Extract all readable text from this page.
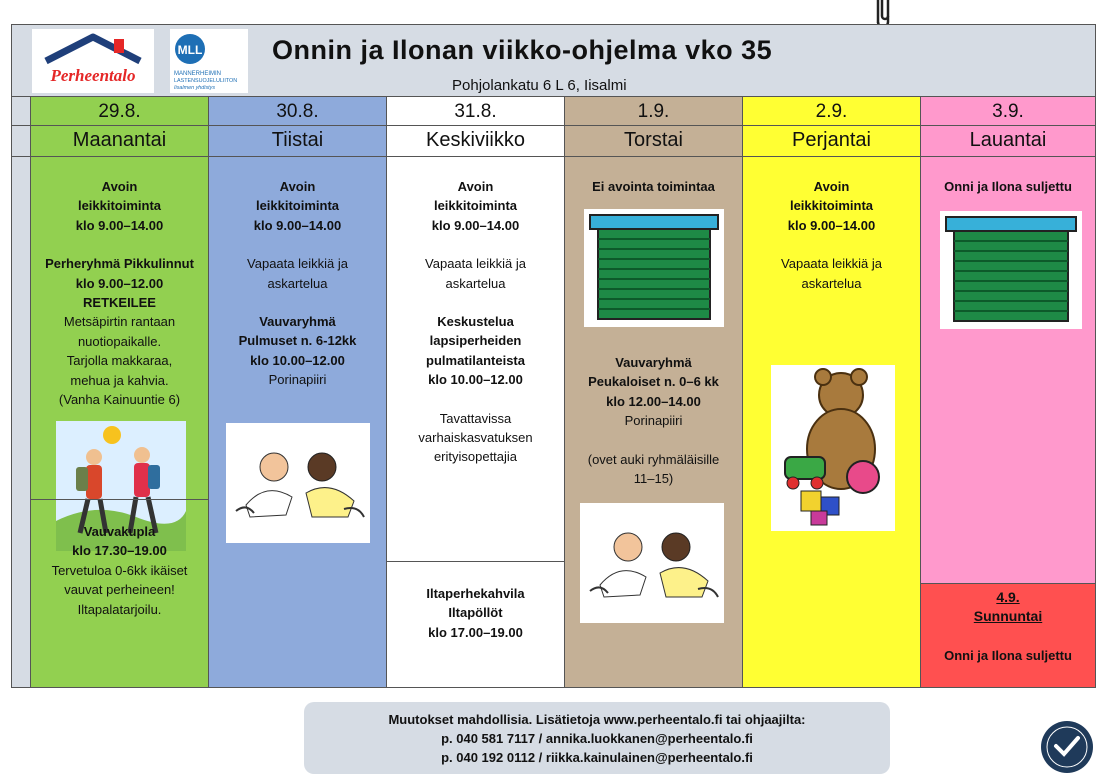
Perheentalo
MLL
MANNERHEIMIN
LASTENSUOJELULIITON
Iisalmen yhdistys
Onnin ja Ilonan viikko-ohjelma vko 35
Pohjolankatu 6 L 6, Iisalmi
29.8.
Maanantai

Avoin

leikkitoiminta

klo 9.00–14.00

Perheryhmä Pikkulinnut

klo 9.00–12.00

RETKEILEE

Metsäpirtin rantaan

nuotiopaikalle.

Tarjolla makkaraa,

mehua ja kahvia.

(Vanha Kainuuntie 6)

Vauvakupla

klo 17.30–19.00

Tervetuloa 0-6kk ikäiset

vauvat perheineen!

Iltapalatarjoilu.

30.8.
Tiistai

Avoin

leikkitoiminta

klo 9.00–14.00

Vapaata leikkiä ja

askartelua

Vauvaryhmä

Pulmuset n. 6-12kk

klo 10.00–12.00

Porinapiiri

31.8.
Keskiviikko

Avoin

leikkitoiminta

klo 9.00–14.00

Vapaata leikkiä ja

askartelua

Keskustelua

lapsiperheiden

pulmatilanteista

klo 10.00–12.00

Tavattavissa

varhaiskasvatuksen

erityisopettajia

Iltaperhekahvila

Iltapöllöt

klo 17.00–19.00

1.9.
Torstai

Ei avointa toimintaa

Vauvaryhmä

Peukaloiset n. 0–6 kk

klo 12.00–14.00

Porinapiiri

(ovet auki ryhmäläisille

11–15)

2.9.
Perjantai

Avoin

leikkitoiminta

klo 9.00–14.00

Vapaata leikkiä ja

askartelua

3.9.
Lauantai

Onni ja Ilona suljettu

4.9.

Sunnuntai

Onni ja Ilona suljettu

Muutokset mahdollisia. Lisätietoja www.perheentalo.fi tai ohjaajilta:

p. 040 581 7117 / annika.luokkanen@perheentalo.fi

p. 040 192 0112 / riikka.kainulainen@perheentalo.fi
